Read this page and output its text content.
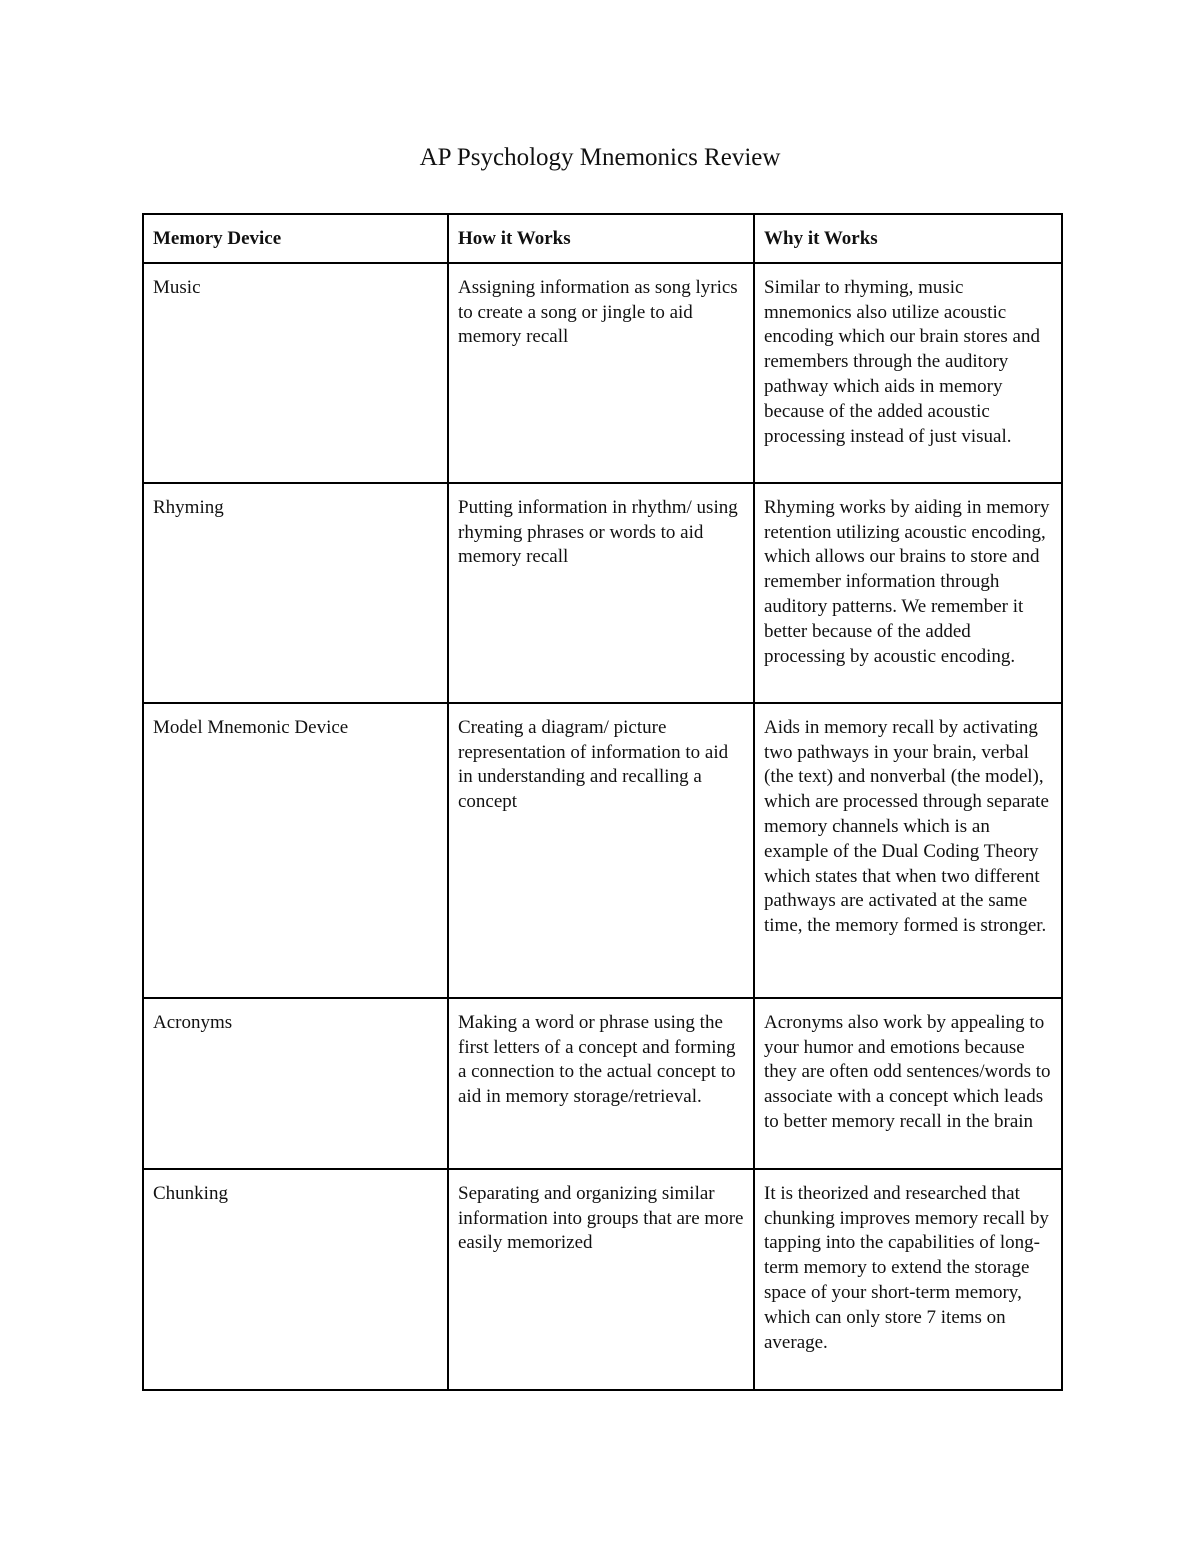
AP Psychology Mnemonics Review
Memory Device	How it Works	Why it Works
Music	Assigning information as song lyrics to create a song or jingle to aid memory recall	Similar to rhyming, music mnemonics also utilize acoustic encoding which our brain stores and remembers through the auditory pathway which aids in memory because of the added acoustic processing instead of just visual.
Rhyming	Putting information in rhythm/ using rhyming phrases or words to aid memory recall	Rhyming works by aiding in memory retention utilizing acoustic encoding, which allows our brains to store and remember information through auditory patterns. We remember it better because of the added processing by acoustic encoding.
Model Mnemonic Device	Creating a diagram/ picture representation of information to aid in understanding and recalling a concept	Aids in memory recall by activating two pathways in your brain, verbal (the text) and nonverbal (the model), which are processed through separate memory channels which is an example of the Dual Coding Theory which states that when two different pathways are activated at the same time, the memory formed is stronger.
Acronyms	Making a word or phrase using the first letters of a concept and forming a connection to the actual concept to aid in memory storage/retrieval.	Acronyms also work by appealing to your humor and emotions because they are often odd sentences/words to associate with a concept which leads to better memory recall in the brain
Chunking	Separating and organizing similar information into groups that are more easily memorized	It is theorized and researched that chunking improves memory recall by tapping into the capabilities of long-term memory to extend the storage space of your short-term memory, which can only store 7 items on average.
